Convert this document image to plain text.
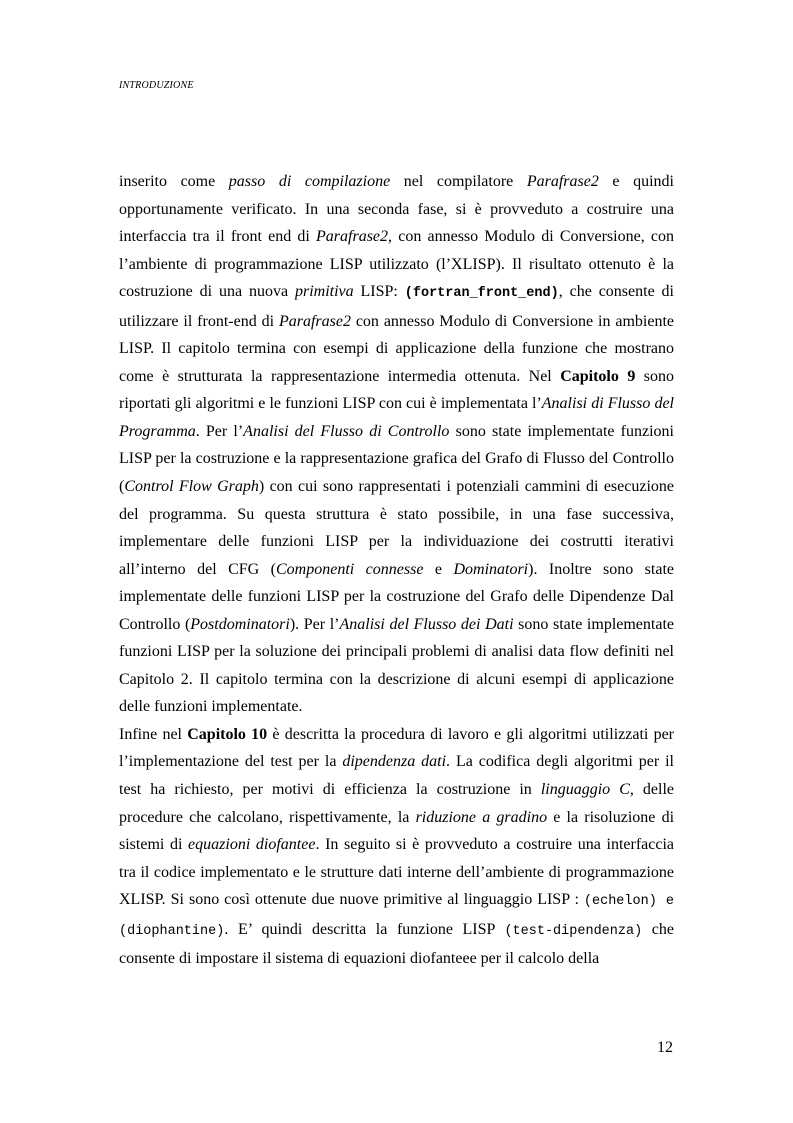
INTRODUZIONE

inserito come passo di compilazione nel compilatore Parafrase2 e quindi opportunamente verificato. In una seconda fase, si è provveduto a costruire una interfaccia tra il front end di Parafrase2, con annesso Modulo di Conversione, con l’ambiente di programmazione LISP utilizzato (l’XLISP). Il risultato ottenuto è la costruzione di una nuova primitiva LISP: (fortran_front_end), che consente di utilizzare il front-end di Parafrase2 con annesso Modulo di Conversione in ambiente LISP. Il capitolo termina con esempi di applicazione della funzione che mostrano come è strutturata la rappresentazione intermedia ottenuta. Nel Capitolo 9 sono riportati gli algoritmi e le funzioni LISP con cui è implementata l’Analisi di Flusso del Programma. Per l’Analisi del Flusso di Controllo sono state implementate funzioni LISP per la costruzione e la rappresentazione grafica del Grafo di Flusso del Controllo (Control Flow Graph) con cui sono rappresentati i potenziali cammini di esecuzione del programma. Su questa struttura è stato possibile, in una fase successiva, implementare delle funzioni LISP per la individuazione dei costrutti iterativi all’interno del CFG (Componenti connesse e Dominatori). Inoltre sono state implementate delle funzioni LISP per la costruzione del Grafo delle Dipendenze Dal Controllo (Postdominatori). Per l’Analisi del Flusso dei Dati sono state implementate funzioni LISP per la soluzione dei principali problemi di analisi data flow definiti nel Capitolo 2. Il capitolo termina con la descrizione di alcuni esempi di applicazione delle funzioni implementate.

Infine nel Capitolo 10 è descritta la procedura di lavoro e gli algoritmi utilizzati per l’implementazione del test per la dipendenza dati. La codifica degli algoritmi per il test ha richiesto, per motivi di efficienza la costruzione in linguaggio C, delle procedure che calcolano, rispettivamente, la riduzione a gradino e la risoluzione di sistemi di equazioni diofantee. In seguito si è provveduto a costruire una interfaccia tra il codice implementato e le strutture dati interne dell’ambiente di programmazione XLISP. Si sono così ottenute due nuove primitive al linguaggio LISP : (echelon) e (diophantine). E’ quindi descritta la funzione LISP (test-dipendenza) che consente di impostare il sistema di equazioni diofanteee per il calcolo della

12
